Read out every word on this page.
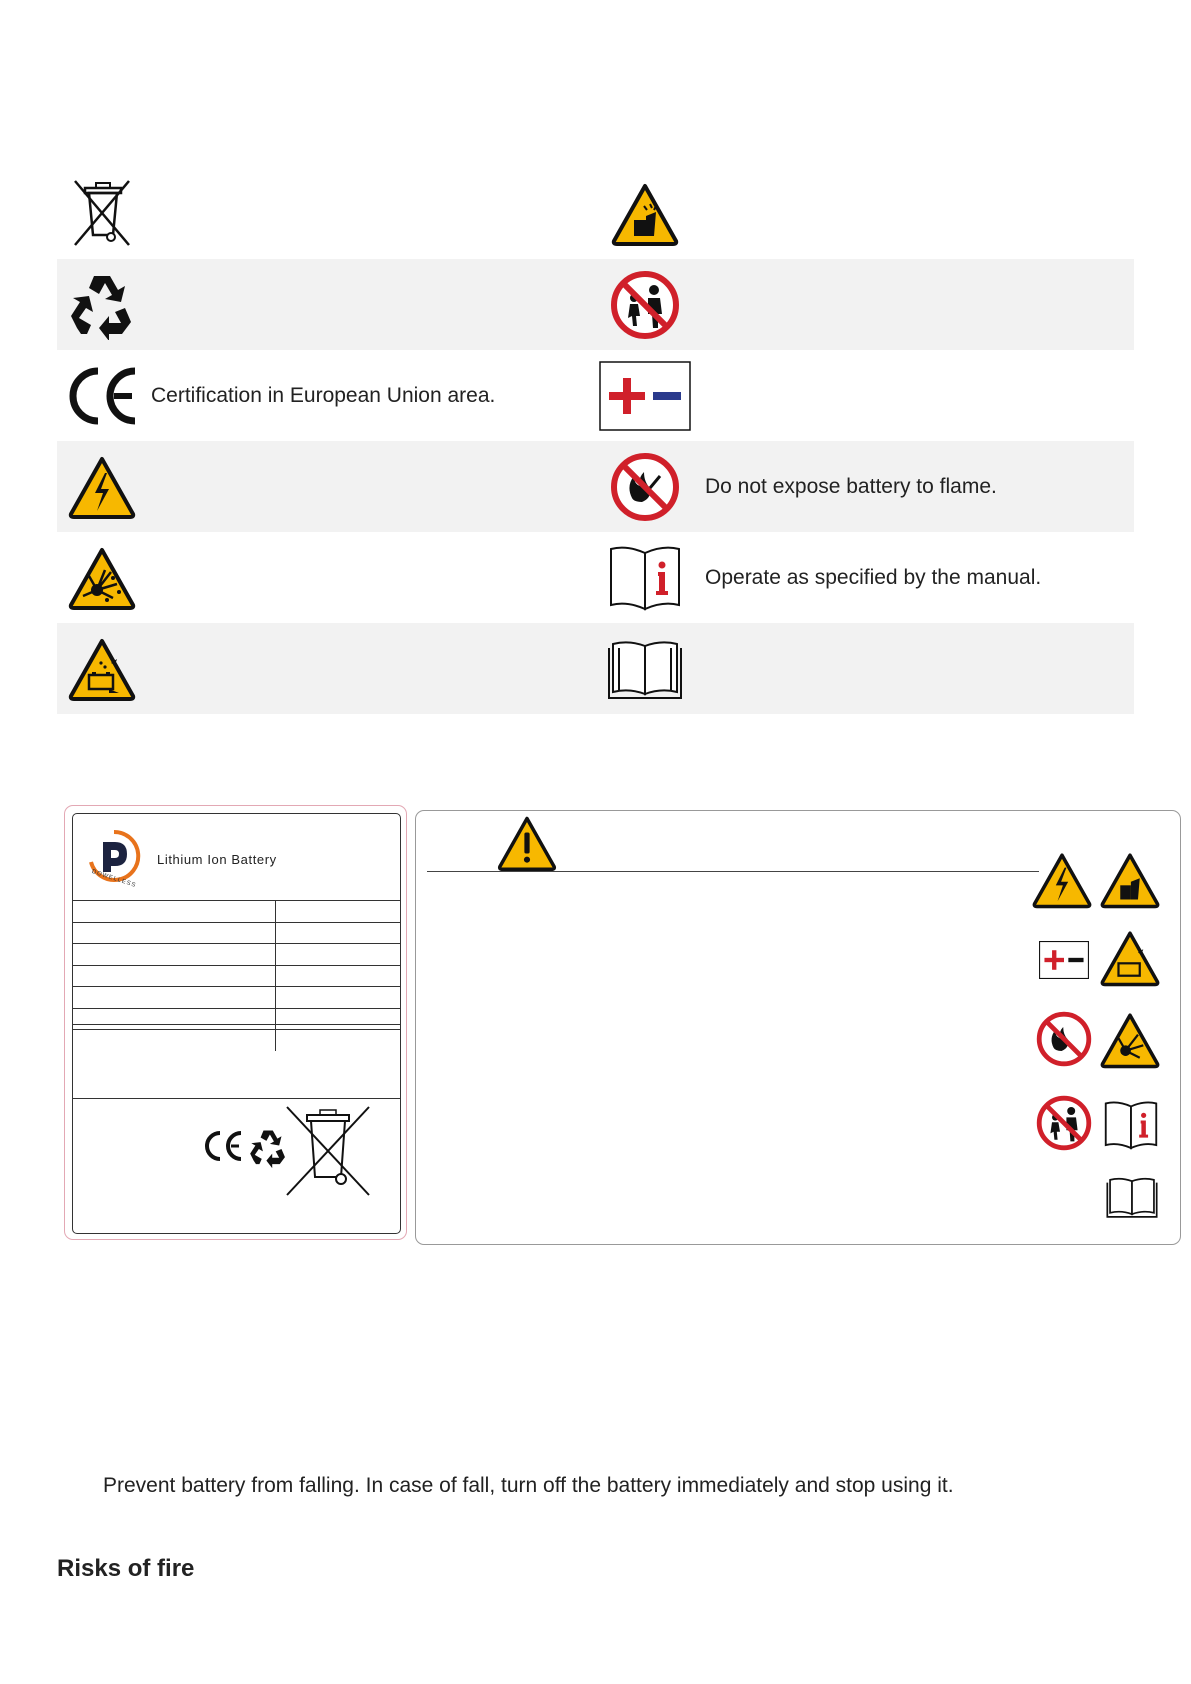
Certification in European Union area.
Do not expose battery to flame.
Operate as specified by the manual.
DOWELLESS
Lithium Ion Battery

Prevent battery from falling. In case of fall, turn off the battery immediately and stop using it.
Risks of fire
